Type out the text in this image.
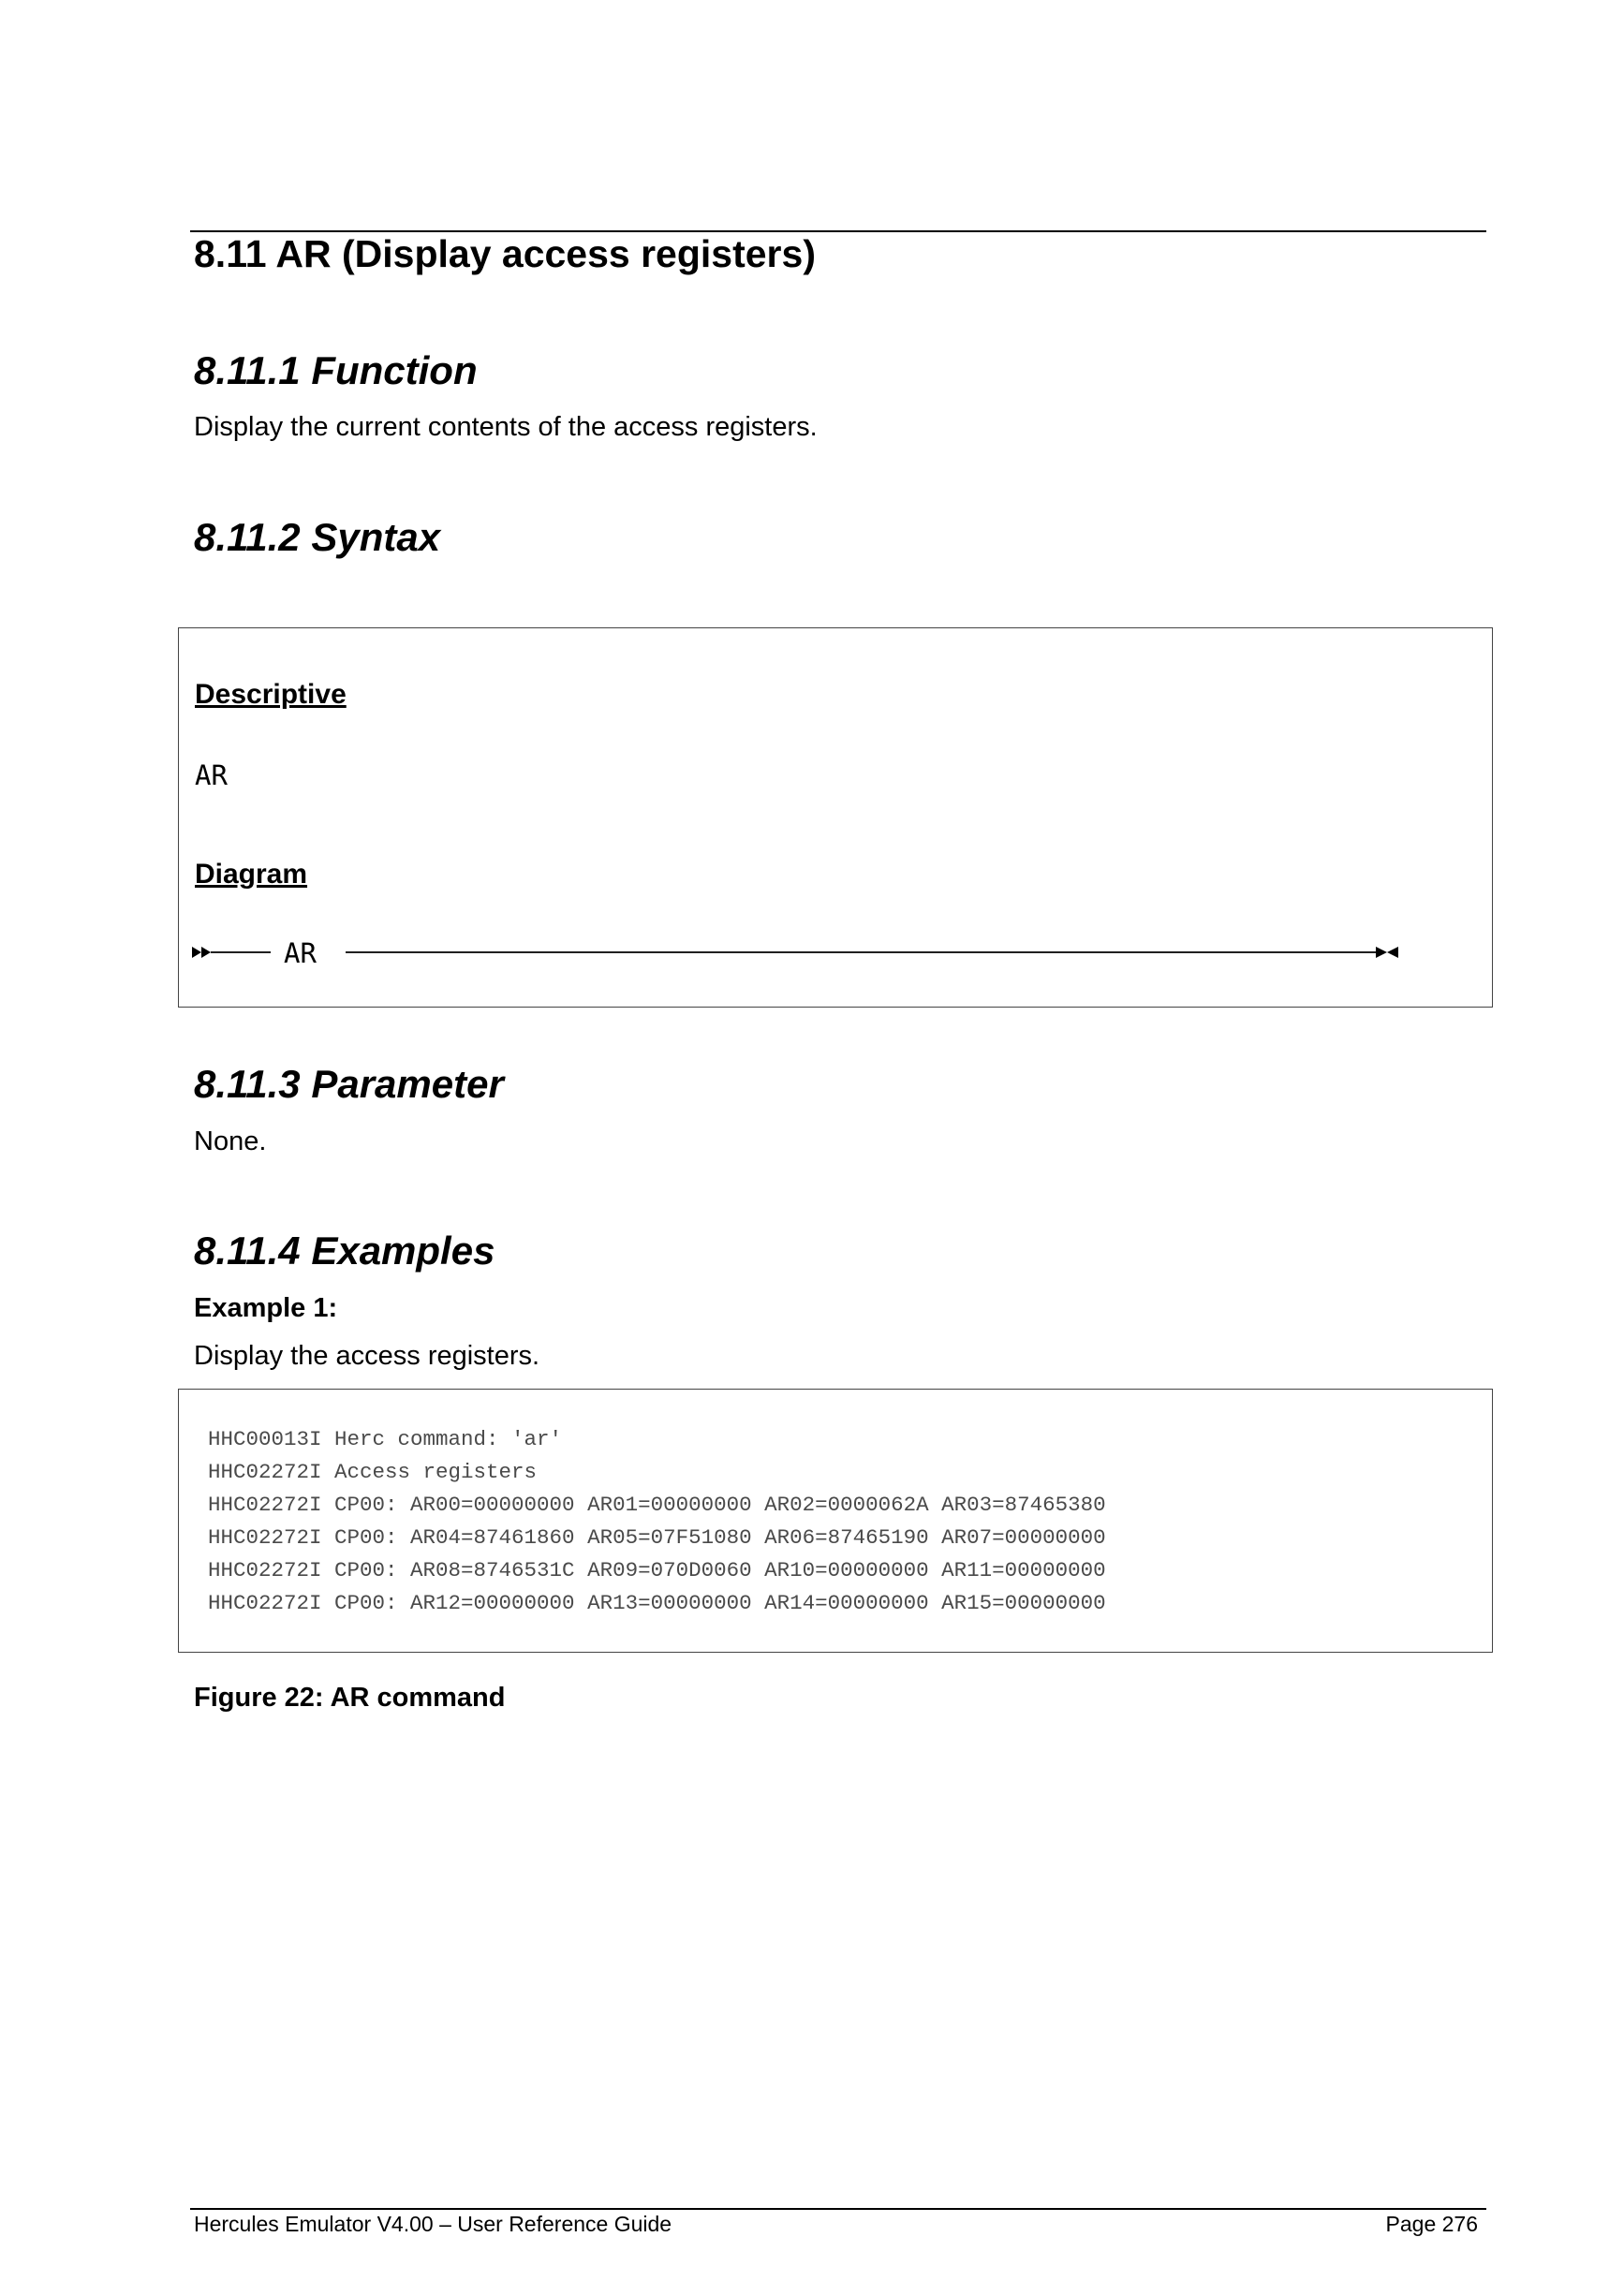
8.11 AR (Display access registers)
8.11.1 Function

Display the current contents of the access registers.

8.11.2 Syntax
Descriptive
AR
Diagram
AR
8.11.3 Parameter

None.

8.11.4 Examples

Example 1:

Display the access registers.

HHC00013I Herc command: 'ar'
HHC02272I Access registers
HHC02272I CP00: AR00=00000000 AR01=00000000 AR02=0000062A AR03=87465380
HHC02272I CP00: AR04=87461860 AR05=07F51080 AR06=87465190 AR07=00000000
HHC02272I CP00: AR08=8746531C AR09=070D0060 AR10=00000000 AR11=00000000
HHC02272I CP00: AR12=00000000 AR13=00000000 AR14=00000000 AR15=00000000

Figure 22: AR command

Hercules Emulator V4.00 – User Reference Guide	Page 276
